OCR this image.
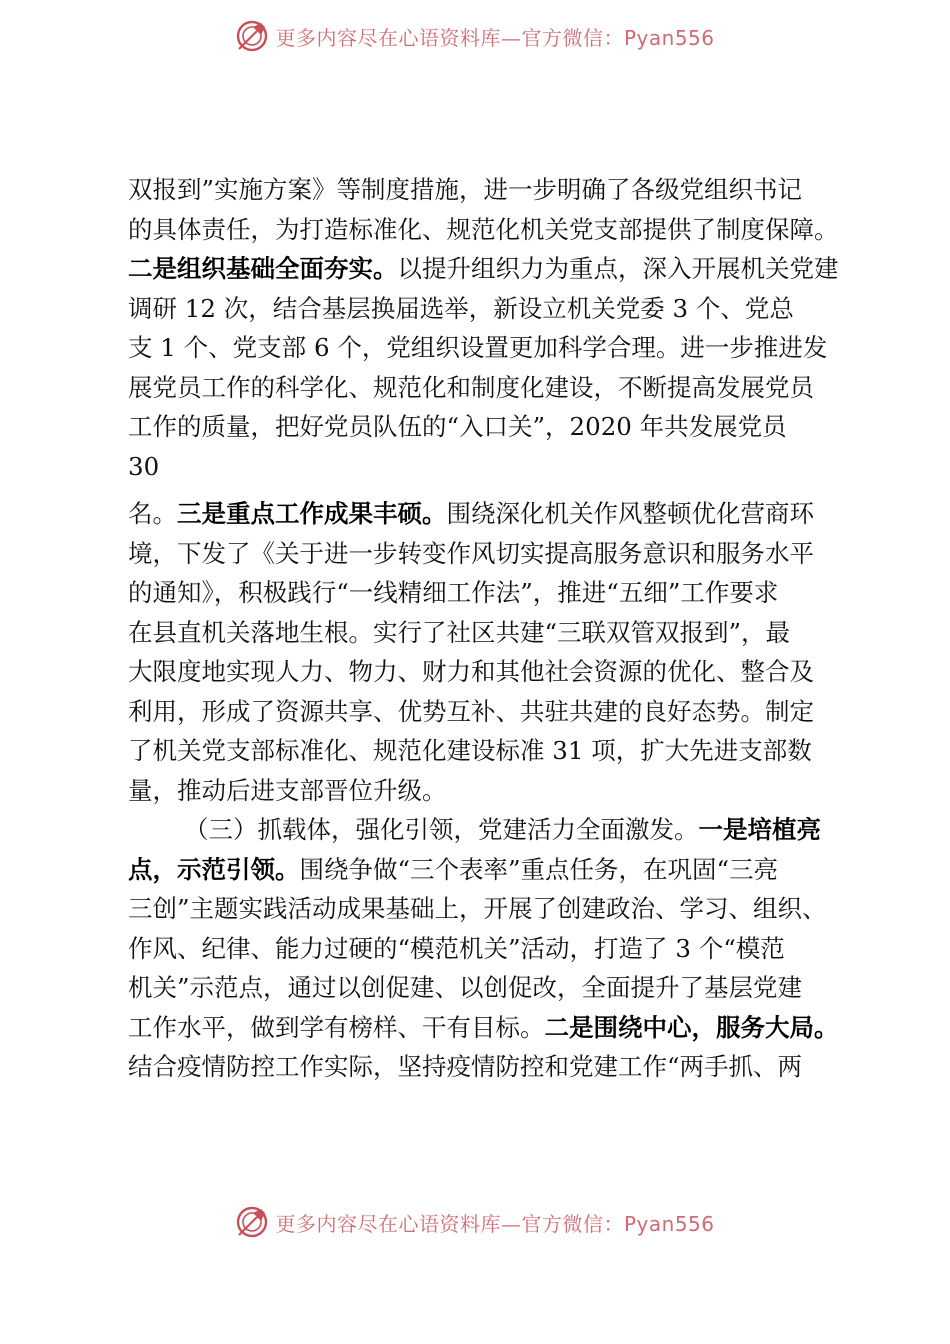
更多内容尽在心语资料库—官方微信：Pyan556
双报到”实施方案》等制度措施，进一步明确了各级党组织书记
的具体责任，为打造标准化、规范化机关党支部提供了制度保障。
二是组织基础全面夯实。以提升组织力为重点，深入开展机关党建
调研 12 次，结合基层换届选举，新设立机关党委 3 个、党总
支 1 个、党支部 6 个，党组织设置更加科学合理。进一步推进发
展党员工作的科学化、规范化和制度化建设，不断提高发展党员
工作的质量，把好党员队伍的“入口关”，2020 年共发展党员
30
名。三是重点工作成果丰硕。围绕深化机关作风整顿优化营商环
境，下发了《关于进一步转变作风切实提高服务意识和服务水平
的通知》，积极践行“一线精细工作法”，推进“五细”工作要求
在县直机关落地生根。实行了社区共建“三联双管双报到”，最
大限度地实现人力、物力、财力和其他社会资源的优化、整合及
利用，形成了资源共享、优势互补、共驻共建的良好态势。制定
了机关党支部标准化、规范化建设标准 31 项，扩大先进支部数
量，推动后进支部晋位升级。
（三）抓载体，强化引领，党建活力全面激发。一是培植亮
点，示范引领。围绕争做“三个表率”重点任务，在巩固“三亮
三创”主题实践活动成果基础上，开展了创建政治、学习、组织、
作风、纪律、能力过硬的“模范机关”活动，打造了 3 个“模范
机关”示范点，通过以创促建、以创促改，全面提升了基层党建
工作水平，做到学有榜样、干有目标。二是围绕中心，服务大局。
结合疫情防控工作实际，坚持疫情防控和党建工作“两手抓、两
更多内容尽在心语资料库—官方微信：Pyan556
